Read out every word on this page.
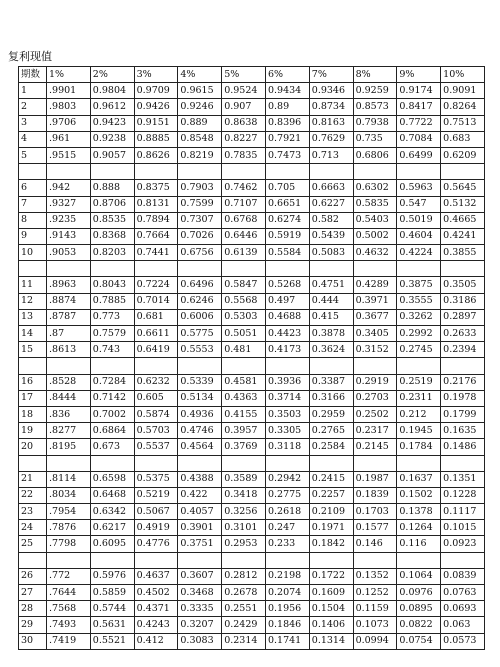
复利现值
期数	1%	2%	3%	4%	5%	6%	7%	8%	9%	10%
1	.9901	0.9804	0.9709	0.9615	0.9524	0.9434	0.9346	0.9259	0.9174	0.9091
2	.9803	0.9612	0.9426	0.9246	0.907	0.89	0.8734	0.8573	0.8417	0.8264
3	.9706	0.9423	0.9151	0.889	0.8638	0.8396	0.8163	0.7938	0.7722	0.7513
4	.961	0.9238	0.8885	0.8548	0.8227	0.7921	0.7629	0.735	0.7084	0.683
5	.9515	0.9057	0.8626	0.8219	0.7835	0.7473	0.713	0.6806	0.6499	0.6209

6	.942	0.888	0.8375	0.7903	0.7462	0.705	0.6663	0.6302	0.5963	0.5645
7	.9327	0.8706	0.8131	0.7599	0.7107	0.6651	0.6227	0.5835	0.547	0.5132
8	.9235	0.8535	0.7894	0.7307	0.6768	0.6274	0.582	0.5403	0.5019	0.4665
9	.9143	0.8368	0.7664	0.7026	0.6446	0.5919	0.5439	0.5002	0.4604	0.4241
10	.9053	0.8203	0.7441	0.6756	0.6139	0.5584	0.5083	0.4632	0.4224	0.3855

11	.8963	0.8043	0.7224	0.6496	0.5847	0.5268	0.4751	0.4289	0.3875	0.3505
12	.8874	0.7885	0.7014	0.6246	0.5568	0.497	0.444	0.3971	0.3555	0.3186
13	.8787	0.773	0.681	0.6006	0.5303	0.4688	0.415	0.3677	0.3262	0.2897
14	.87	0.7579	0.6611	0.5775	0.5051	0.4423	0.3878	0.3405	0.2992	0.2633
15	.8613	0.743	0.6419	0.5553	0.481	0.4173	0.3624	0.3152	0.2745	0.2394

16	.8528	0.7284	0.6232	0.5339	0.4581	0.3936	0.3387	0.2919	0.2519	0.2176
17	.8444	0.7142	0.605	0.5134	0.4363	0.3714	0.3166	0.2703	0.2311	0.1978
18	.836	0.7002	0.5874	0.4936	0.4155	0.3503	0.2959	0.2502	0.212	0.1799
19	.8277	0.6864	0.5703	0.4746	0.3957	0.3305	0.2765	0.2317	0.1945	0.1635
20	.8195	0.673	0.5537	0.4564	0.3769	0.3118	0.2584	0.2145	0.1784	0.1486

21	.8114	0.6598	0.5375	0.4388	0.3589	0.2942	0.2415	0.1987	0.1637	0.1351
22	.8034	0.6468	0.5219	0.422	0.3418	0.2775	0.2257	0.1839	0.1502	0.1228
23	.7954	0.6342	0.5067	0.4057	0.3256	0.2618	0.2109	0.1703	0.1378	0.1117
24	.7876	0.6217	0.4919	0.3901	0.3101	0.247	0.1971	0.1577	0.1264	0.1015
25	.7798	0.6095	0.4776	0.3751	0.2953	0.233	0.1842	0.146	0.116	0.0923

26	.772	0.5976	0.4637	0.3607	0.2812	0.2198	0.1722	0.1352	0.1064	0.0839
27	.7644	0.5859	0.4502	0.3468	0.2678	0.2074	0.1609	0.1252	0.0976	0.0763
28	.7568	0.5744	0.4371	0.3335	0.2551	0.1956	0.1504	0.1159	0.0895	0.0693
29	.7493	0.5631	0.4243	0.3207	0.2429	0.1846	0.1406	0.1073	0.0822	0.063
30	.7419	0.5521	0.412	0.3083	0.2314	0.1741	0.1314	0.0994	0.0754	0.0573
